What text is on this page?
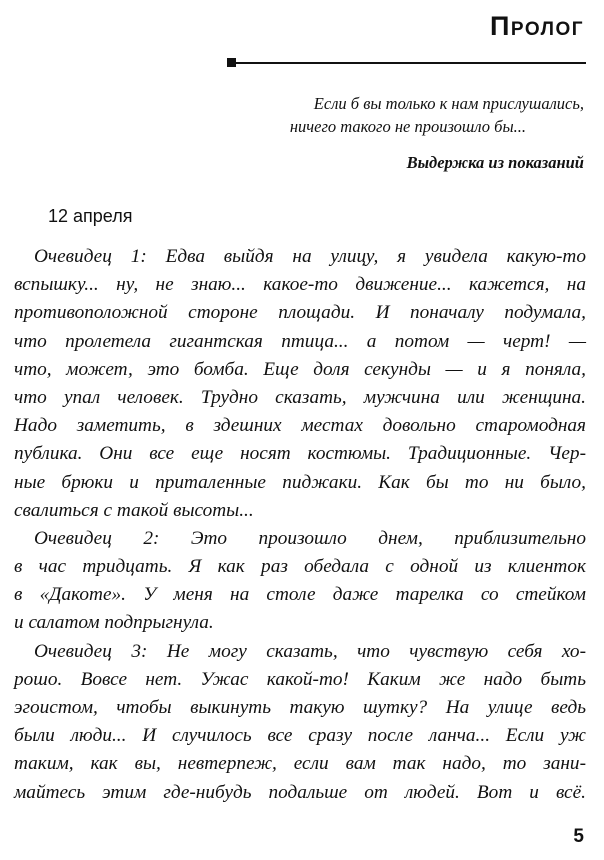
Пролог
Если б вы только к нам прислушались,
ничего такого не произошло бы...
Выдержка из показаний
12 апреля
Очевидец 1: Едва выйдя на улицу, я увидела какую-то
вспышку... ну, не знаю... какое-то движение... кажется, на
противоположной стороне площади. И поначалу подумала,
что пролетела гигантская птица... а потом — черт! —
что, может, это бомба. Еще доля секунды — и я поняла,
что упал человек. Трудно сказать, мужчина или женщина.
Надо заметить, в здешних местах довольно старомодная
публика. Они все еще носят костюмы. Традиционные. Чер-
ные брюки и приталенные пиджаки. Как бы то ни было,
свалиться с такой высоты...
Очевидец 2: Это произошло днем, приблизительно
в час тридцать. Я как раз обедала с одной из клиенток
в «Дакоте». У меня на столе даже тарелка со стейком
и салатом подпрыгнула.
Очевидец 3: Не могу сказать, что чувствую себя хо-
рошо. Вовсе нет. Ужас какой-то! Каким же надо быть
эгоистом, чтобы выкинуть такую шутку? На улице ведь
были люди... И случилось все сразу после ланча... Если уж
таким, как вы, невтерпеж, если вам так надо, то зани-
майтесь этим где-нибудь подальше от людей. Вот и всё.
5
